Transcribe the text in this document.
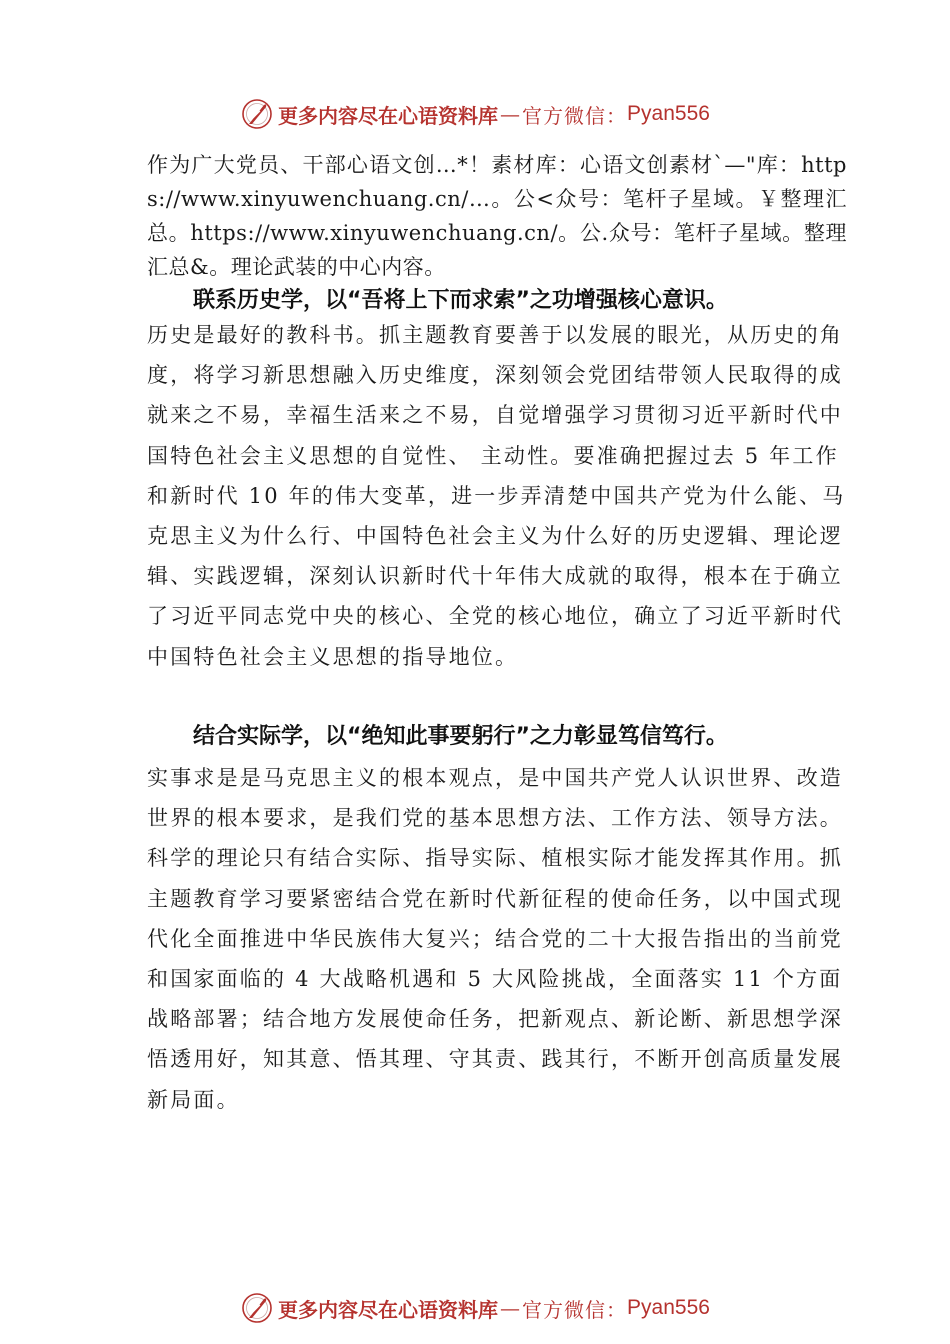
更多内容尽在心语资料库 — 官方微信： Pyan556

作为广大党员、干部心语文创…*！素材库：心语文创素材`—"库：https://www.xinyuwenchuang.cn/…。公<众号：笔杆子星域。￥整理汇总。https://www.xinyuwenchuang.cn/。公.众号：笔杆子星域。整理汇总&。理论武装的中心内容。

联系历史学，以“吾将上下而求索”之功增强核心意识。

历史是最好的教科书。抓主题教育要善于以发展的眼光，从历史的角度，将学习新思想融入历史维度，深刻领会党团结带领人民取得的成就来之不易，幸福生活来之不易，自觉增强学习贯彻习近平新时代中国特色社会主义思想的自觉性、 主动性。要准确把握过去 5 年工作和新时代 10 年的伟大变革，进一步弄清楚中国共产党为什么能、马克思主义为什么行、中国特色社会主义为什么好的历史逻辑、理论逻辑、实践逻辑，深刻认识新时代十年伟大成就的取得，根本在于确立了习近平同志党中央的核心、全党的核心地位，确立了习近平新时代中国特色社会主义思想的指导地位。

结合实际学，以“绝知此事要躬行”之力彰显笃信笃行。

实事求是是马克思主义的根本观点，是中国共产党人认识世界、改造世界的根本要求，是我们党的基本思想方法、工作方法、领导方法。科学的理论只有结合实际、指导实际、植根实际才能发挥其作用。抓主题教育学习要紧密结合党在新时代新征程的使命任务，以中国式现代化全面推进中华民族伟大复兴；结合党的二十大报告指出的当前党和国家面临的 4 大战略机遇和 5 大风险挑战，全面落实 11 个方面战略部署；结合地方发展使命任务，把新观点、新论断、新思想学深悟透用好，知其意、悟其理、守其责、践其行，不断开创高质量发展新局面。

更多内容尽在心语资料库 — 官方微信： Pyan556
